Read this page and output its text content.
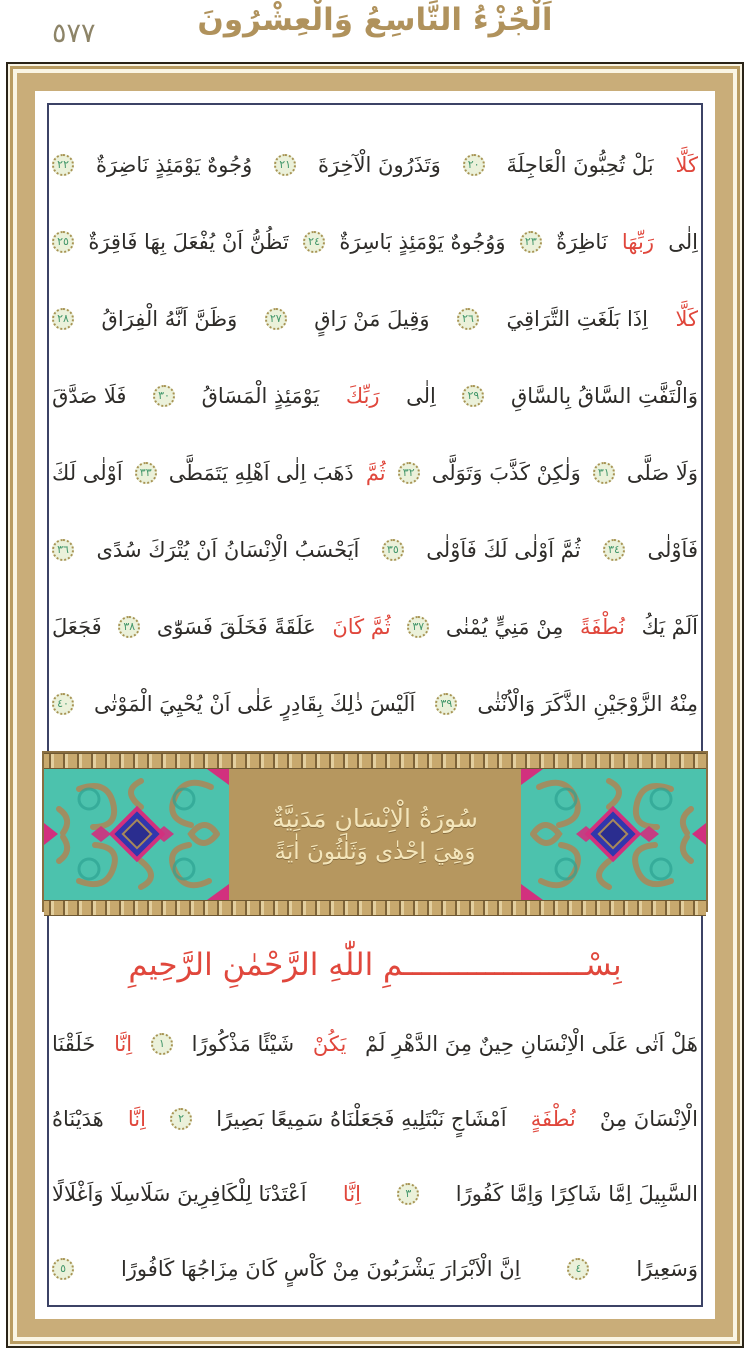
اَلْجُزْءُ التَّاسِعُ وَالْعِشْرُونَ
٥٧٧
كَلَّا
بَلْ تُحِبُّونَ الْعَاجِلَةَ
٢٠
وَتَذَرُونَ الْآخِرَةَ
٢١
وُجُوهٌ يَوْمَئِذٍ نَاضِرَةٌ
٢٢
اِلٰى
رَبِّهَا
نَاظِرَةٌ
٢٣
وَوُجُوهٌ يَوْمَئِذٍ بَاسِرَةٌ
٢٤
تَظُنُّ اَنْ يُفْعَلَ بِهَا فَاقِرَةٌ
٢٥
كَلَّا
اِذَا بَلَغَتِ التَّرَاقِيَ
٢٦
وَقِيلَ مَنْ رَاقٍ
٢٧
وَظَنَّ اَنَّهُ الْفِرَاقُ
٢٨
وَالْتَفَّتِ السَّاقُ بِالسَّاقِ
٢٩
اِلٰى
رَبِّكَ
يَوْمَئِذٍ الْمَسَاقُ
٣٠
فَلَا صَدَّقَ
وَلَا صَلَّى
٣١
وَلٰكِنْ كَذَّبَ وَتَوَلَّى
٣٢
ثُمَّ
ذَهَبَ اِلٰى اَهْلِهِ يَتَمَطَّى
٣٣
اَوْلٰى لَكَ
فَاَوْلٰى
٣٤
ثُمَّ اَوْلٰى لَكَ فَاَوْلٰى
٣٥
اَيَحْسَبُ الْاِنْسَانُ اَنْ يُتْرَكَ سُدًى
٣٦
اَلَمْ يَكُ
نُطْفَةً
مِنْ مَنِيٍّ يُمْنٰى
٣٧
ثُمَّ كَانَ
عَلَقَةً فَخَلَقَ فَسَوّٰى
٣٨
فَجَعَلَ
مِنْهُ الزَّوْجَيْنِ الذَّكَرَ وَالْاُنْثٰى
٣٩
اَلَيْسَ ذٰلِكَ بِقَادِرٍ عَلٰى اَنْ يُحْيِيَ الْمَوْتٰى
٤٠
سُورَةُ الْاِنْسَانِ مَدَنِيَّةٌ
وَهِيَ اِحْدٰى وَثَلٰثُونَ اٰيَةً
بِسْــــــــــــــــــــمِ اللّٰهِ الرَّحْمٰنِ الرَّحِيمِ
هَلْ اَتٰى عَلَى الْاِنْسَانِ حِينٌ مِنَ الدَّهْرِ لَمْ
يَكُنْ
شَيْئًا مَذْكُورًا
١
اِنَّا
خَلَقْنَا
الْاِنْسَانَ مِنْ
نُطْفَةٍ
اَمْشَاجٍ نَبْتَلِيهِ فَجَعَلْنَاهُ سَمِيعًا بَصِيرًا
٢
اِنَّا
هَدَيْنَاهُ
السَّبِيلَ اِمَّا شَاكِرًا وَاِمَّا كَفُورًا
٣
اِنَّا
اَعْتَدْنَا لِلْكَافِرِينَ سَلَاسِلَا وَاَغْلَالًا
وَسَعِيرًا
٤
اِنَّ الْاَبْرَارَ يَشْرَبُونَ مِنْ كَاْسٍ كَانَ مِزَاجُهَا كَافُورًا
٥
